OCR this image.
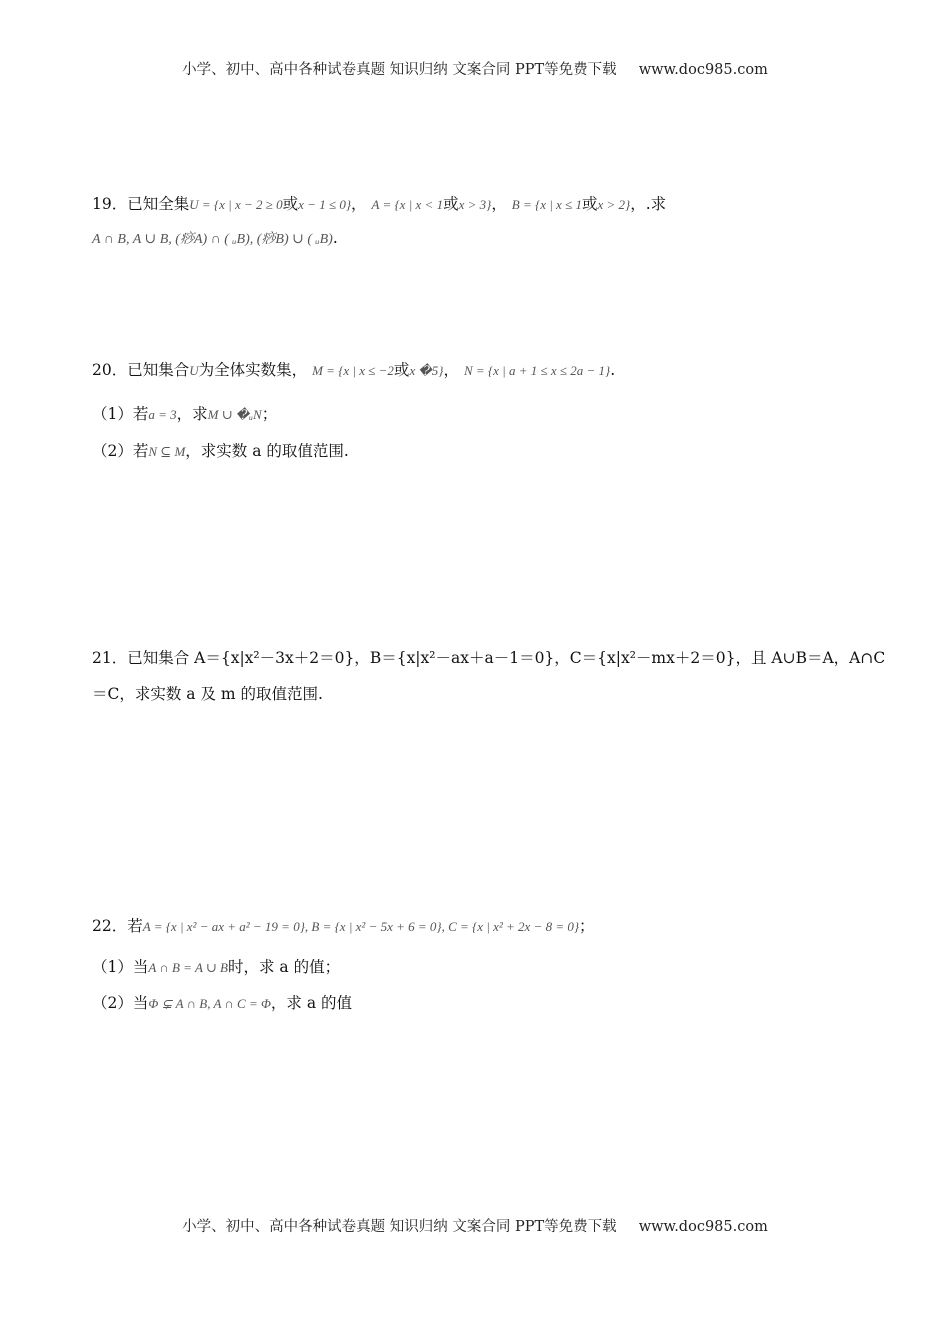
小学、初中、高中各种试卷真题 知识归纳 文案合同 PPT等免费下载 www.doc985.com
19．已知全集U = {x | x − 2 ≥ 0或x − 1 ≤ 0}， A = {x | x < 1或x > 3}， B = {x | x ≤ 1或x > 2}，.求
A ∩ B, A ∪ B, (痧A) ∩ ( ᵤB), (痧B) ∪ ( ᵤB).
20．已知集合U为全体实数集， M = {x | x ≤ −2或x �5}， N = {x | a + 1 ≤ x ≤ 2a − 1}.
（1）若a = 3，求M ∪ �ᵤN；
（2）若N ⊆ M，求实数 a 的取值范围.
21．已知集合 A＝{x|x²－3x＋2＝0}，B＝{x|x²－ax＋a－1＝0}，C＝{x|x²－mx＋2＝0}，且 A∪B＝A，A∩C
＝C，求实数 a 及 m 的取值范围.
22．若A = {x | x² − ax + a² − 19 = 0}, B = {x | x² − 5x + 6 = 0}, C = {x | x² + 2x − 8 = 0}；
（1）当A ∩ B = A ∪ B时，求 a 的值；
（2）当Φ ⊊ A ∩ B, A ∩ C = Φ，求 a 的值
小学、初中、高中各种试卷真题 知识归纳 文案合同 PPT等免费下载 www.doc985.com
